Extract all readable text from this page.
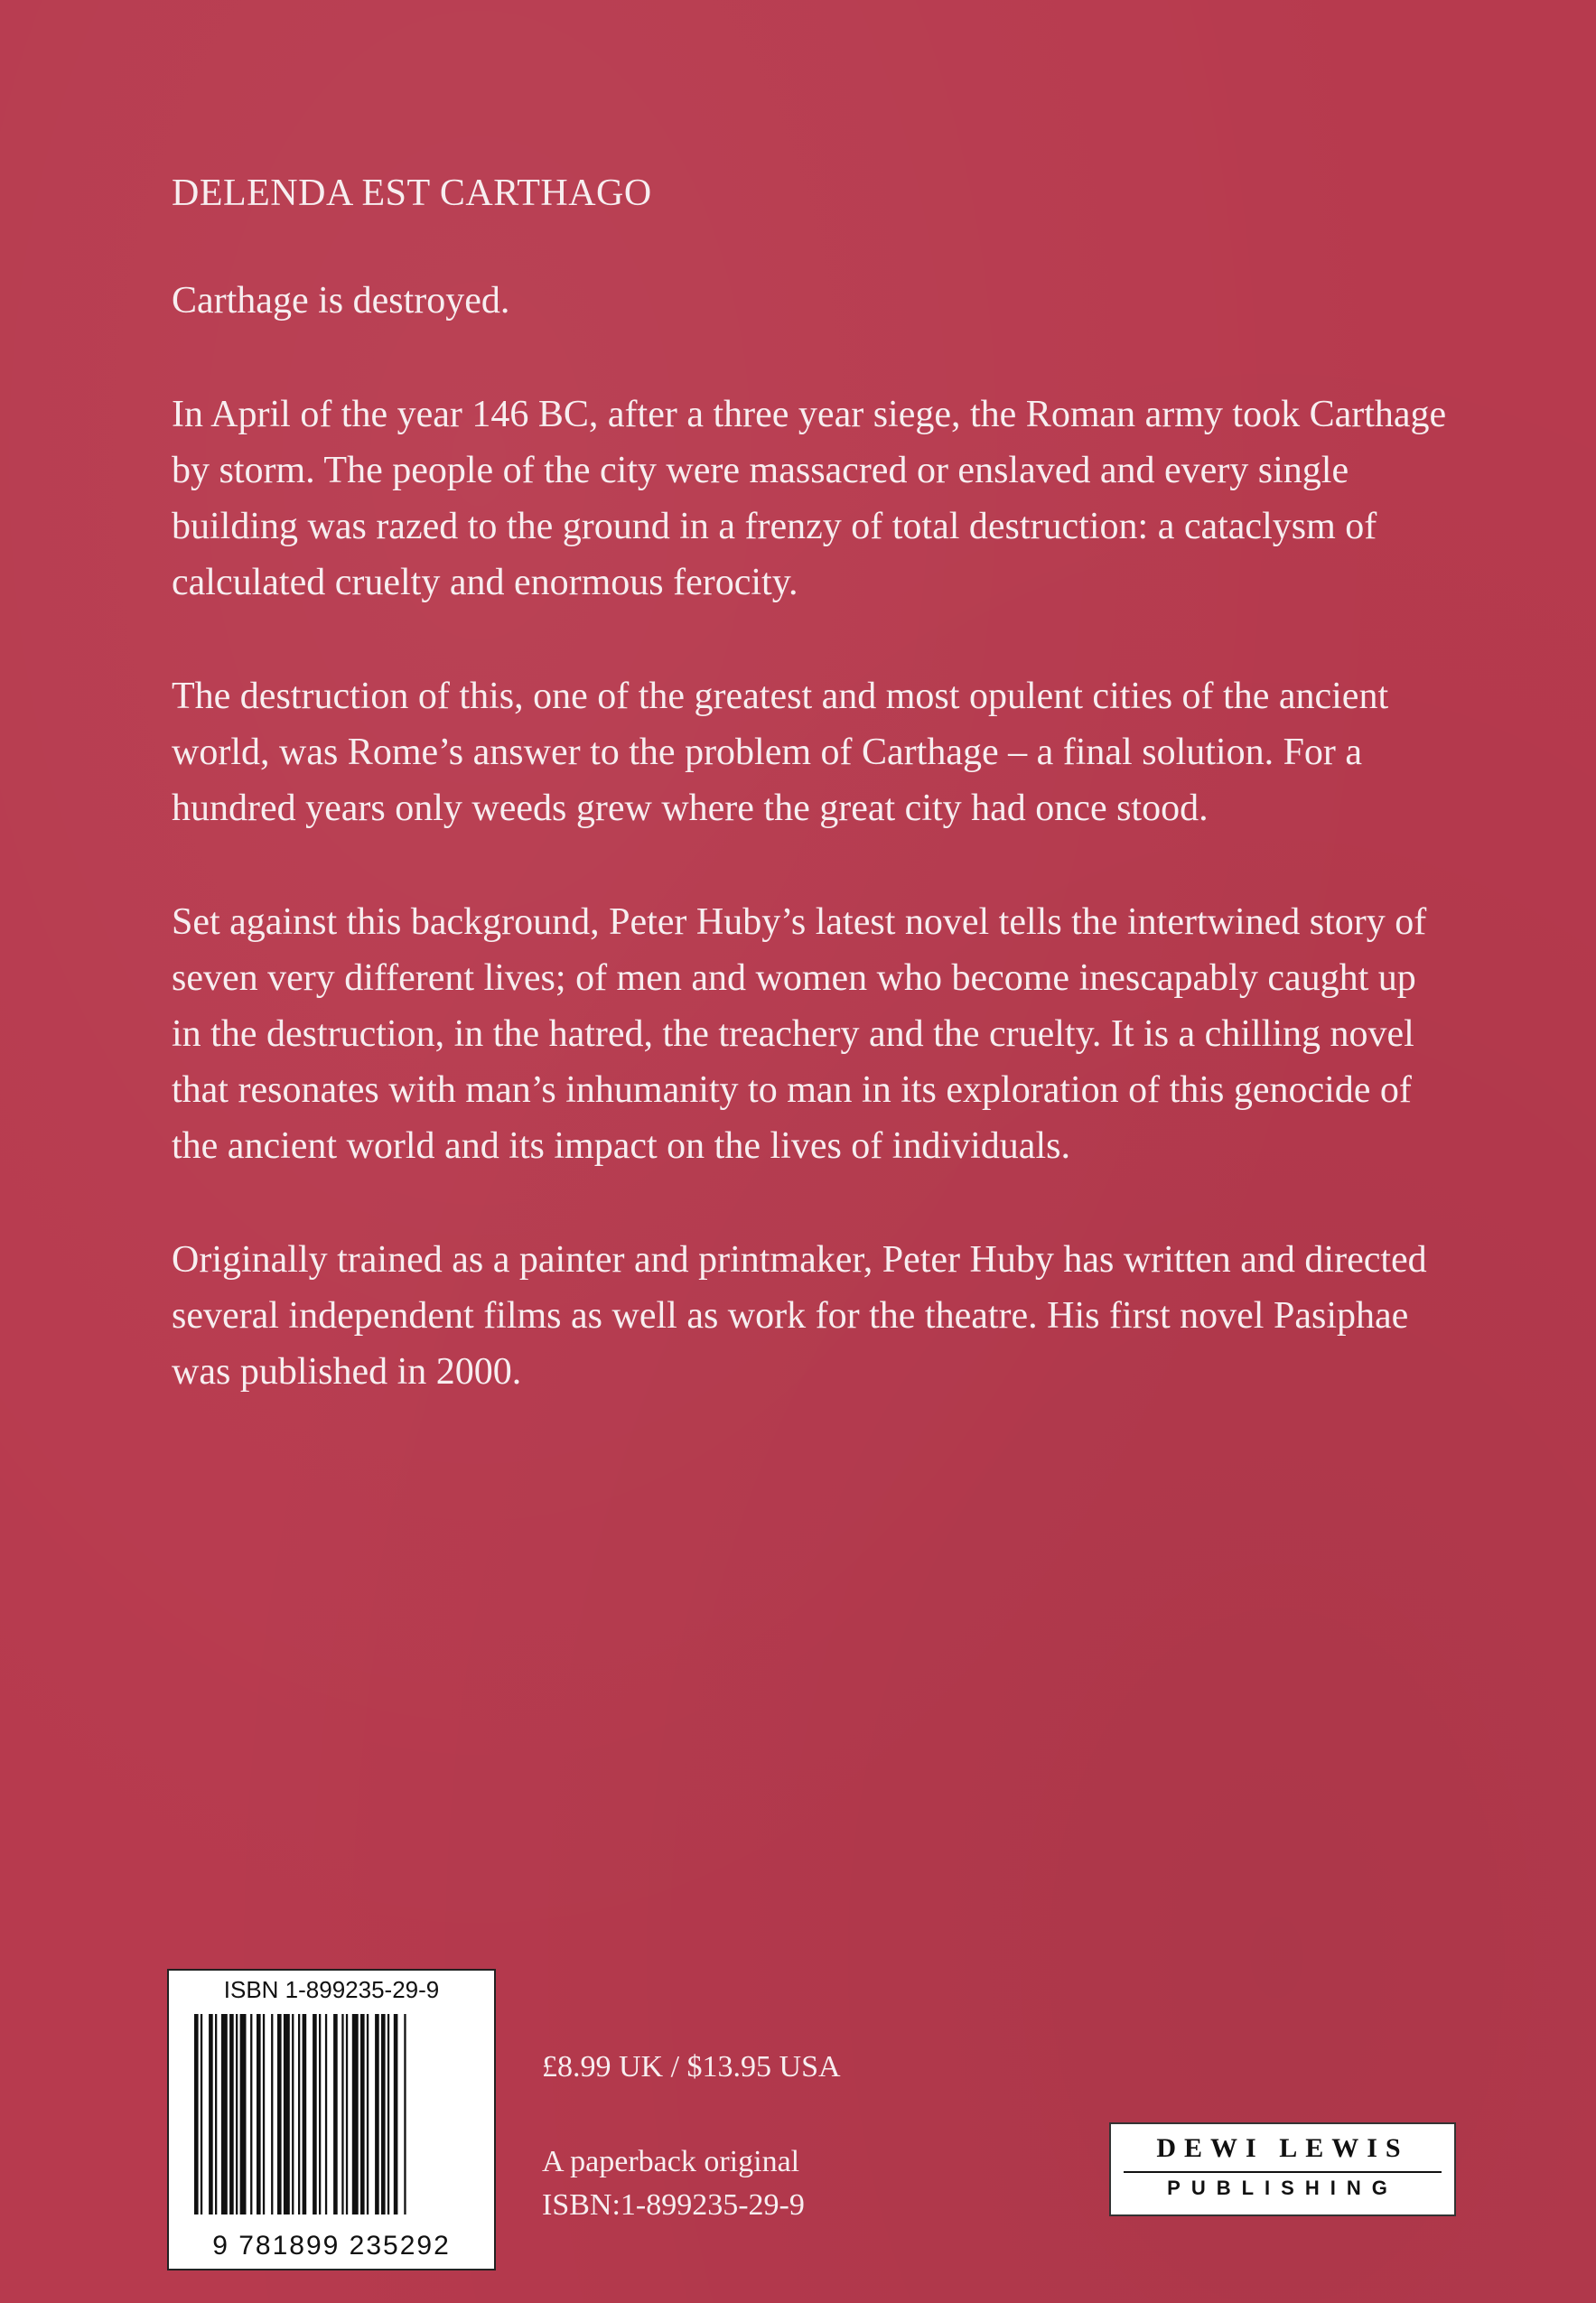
DELENDA EST CARTHAGO

Carthage is destroyed.

In April of the year 146 BC, after a three year siege, the Roman army took Carthage by storm. The people of the city were massacred or enslaved and every single building was razed to the ground in a frenzy of total destruction: a cataclysm of calculated cruelty and enormous ferocity.

The destruction of this, one of the greatest and most opulent cities of the ancient world, was Rome’s answer to the problem of Carthage – a final solution. For a hundred years only weeds grew where the great city had once stood.

Set against this background, Peter Huby’s latest novel tells the intertwined story of seven very different lives; of men and women who become inescapably caught up in the destruction, in the hatred, the treachery and the cruelty. It is a chilling novel that resonates with man’s inhumanity to man in its exploration of this genocide of the ancient world and its impact on the lives of individuals.

Originally trained as a painter and printmaker, Peter Huby has written and directed several independent films as well as work for the theatre. His first novel Pasiphae was published in 2000.

ISBN 1-899235-29-9
9 781899 235292
£8.99 UK / $13.95 USA
A paperback original
ISBN:1-899235-29-9
DEWI LEWIS
PUBLISHING
